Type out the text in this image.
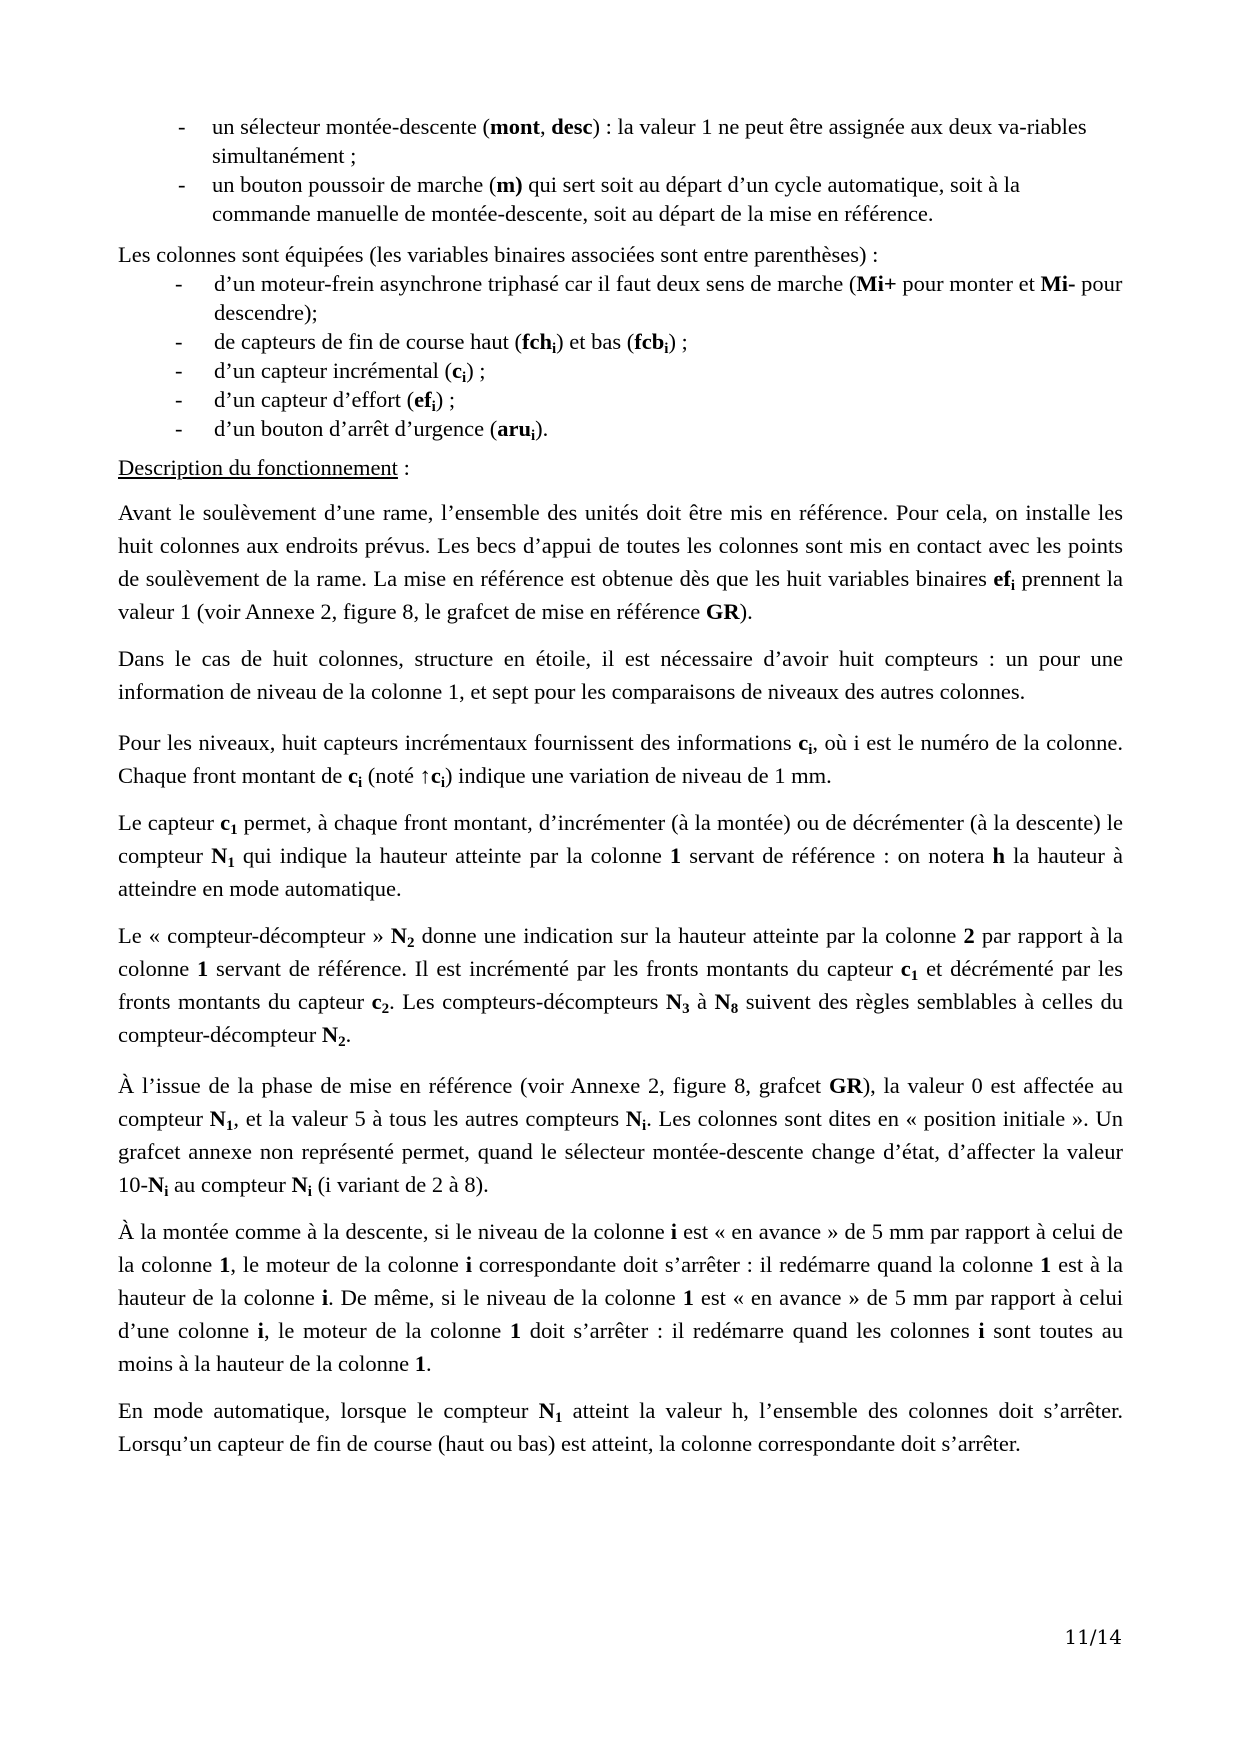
- un sélecteur montée-descente (mont, desc) : la valeur 1 ne peut être assignée aux deux va-riables simultanément ;
- un bouton poussoir de marche (m) qui sert soit au départ d’un cycle automatique, soit à la commande manuelle de montée-descente, soit au départ de la mise en référence.

Les colonnes sont équipées (les variables binaires associées sont entre parenthèses) :

- d’un moteur-frein asynchrone triphasé car il faut deux sens de marche (Mi+ pour monter et Mi- pour descendre);
- de capteurs de fin de course haut (fch$_i$) et bas (fcb$_i$) ;
- d’un capteur incrémental $(c_i)$ ;
- d’un capteur d’effort $(ef_i)$ ;
- d’un bouton d’arrêt d’urgence (aru$_i$).

Description du fonctionnement :

Avant le soulèvement d’une rame, l’ensemble des unités doit être mis en référence. Pour cela, on installe les huit colonnes aux endroits prévus. Les becs d’appui de toutes les colonnes sont mis en contact avec les points de soulèvement de la rame. La mise en référence est obtenue dès que les huit variables binaires $ef_i$ prennent la valeur 1 (voir Annexe 2, figure 8, le grafcet de mise en référence GR).

Dans le cas de huit colonnes, structure en étoile, il est nécessaire d’avoir huit compteurs : un pour une information de niveau de la colonne 1, et sept pour les comparaisons de niveaux des autres colonnes.

Pour les niveaux, huit capteurs incrémentaux fournissent des informations $c_i$, où i est le numéro de la colonne. Chaque front montant de $c_i$ (noté $↑c_i$) indique une variation de niveau de 1 mm.

Le capteur $c_1$ permet, à chaque front montant, d’incrémenter (à la montée) ou de décrémenter (à la descente) le compteur $N_1$ qui indique la hauteur atteinte par la colonne 1 servant de référence : on notera h la hauteur à atteindre en mode automatique.

Le « compteur-décompteur » $N_2$ donne une indication sur la hauteur atteinte par la colonne 2 par rapport à la colonne 1 servant de référence. Il est incrémenté par les fronts montants du capteur $c_1$ et décrémenté par les fronts montants du capteur $c_2$. Les compteurs-décompteurs $N_3$ à $N_8$ suivent des règles semblables à celles du compteur-décompteur $N_2$.

À l’issue de la phase de mise en référence (voir Annexe 2, figure 8, grafcet GR), la valeur 0 est affectée au compteur $N_1$, et la valeur 5 à tous les autres compteurs $N_i$. Les colonnes sont dites en « position initiale ». Un grafcet annexe non représenté permet, quand le sélecteur montée-descente change d’état, d’affecter la valeur $10-N_i$ au compteur $N_i$ (i variant de 2 à 8).

À la montée comme à la descente, si le niveau de la colonne i est « en avance » de 5 mm par rapport à celui de la colonne 1, le moteur de la colonne i correspondante doit s’arrêter : il redémarre quand la colonne 1 est à la hauteur de la colonne i. De même, si le niveau de la colonne 1 est « en avance » de 5 mm par rapport à celui d’une colonne i, le moteur de la colonne 1 doit s’arrêter : il redémarre quand les colonnes i sont toutes au moins à la hauteur de la colonne 1.

En mode automatique, lorsque le compteur $N_1$ atteint la valeur h, l’ensemble des colonnes doit s’arrêter. Lorsqu’un capteur de fin de course (haut ou bas) est atteint, la colonne correspondante doit s’arrêter.

11/14
